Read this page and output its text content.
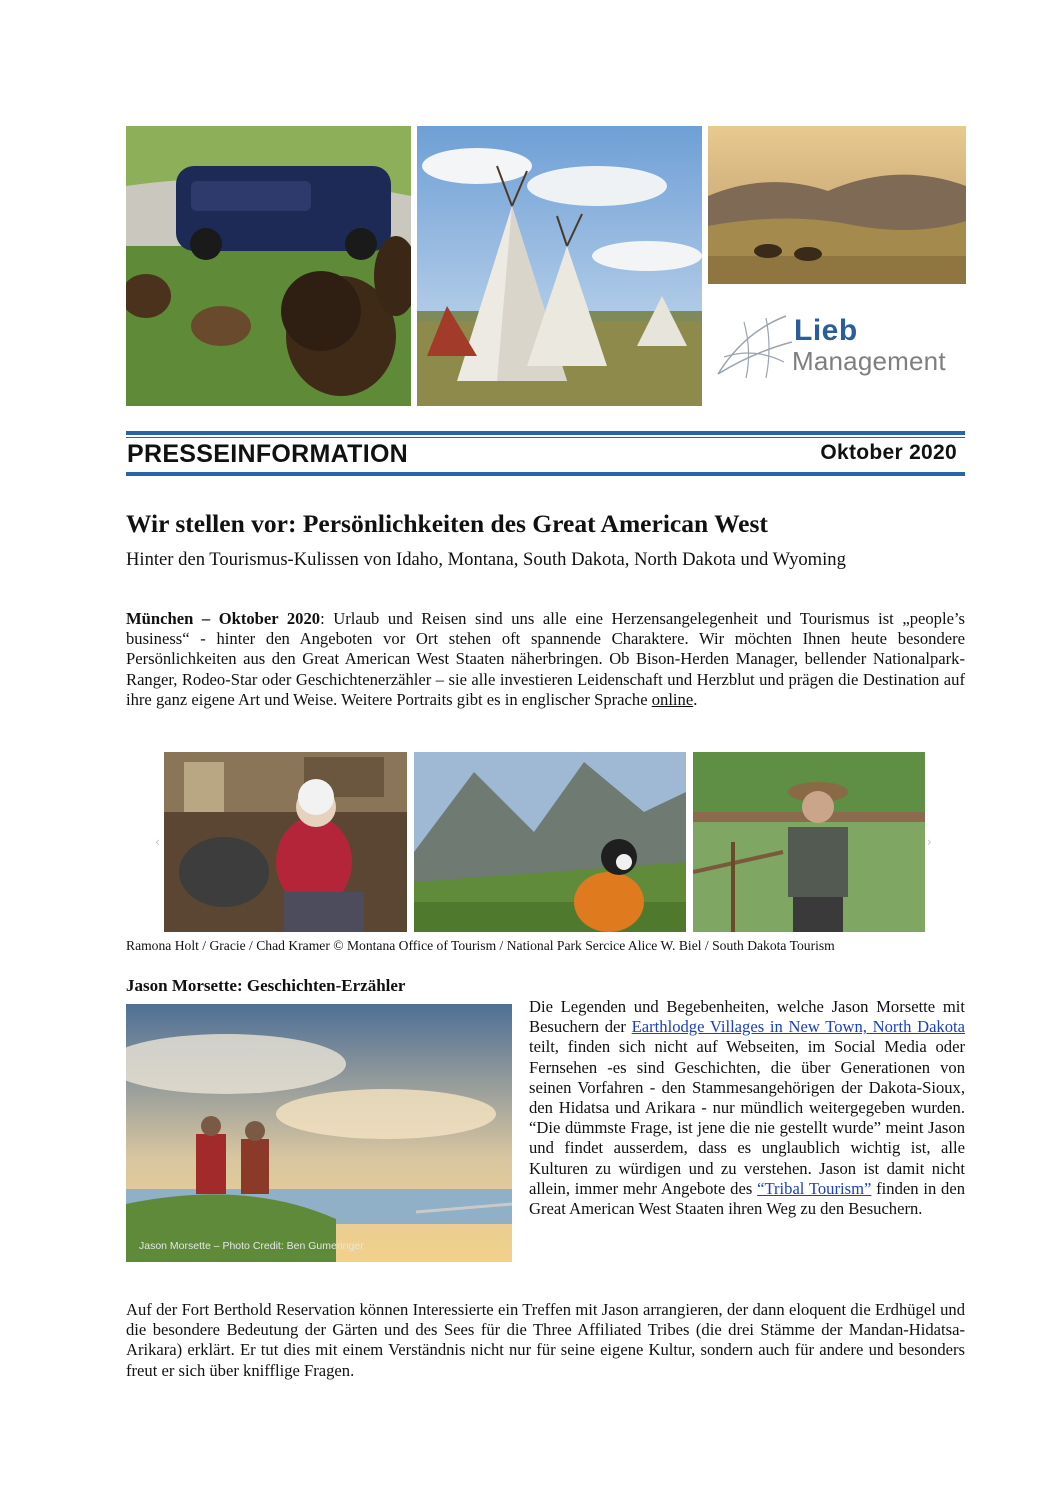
Lieb
Management
PRESSEINFORMATION	Oktober 2020
Wir stellen vor: Persönlichkeiten des Great American West
Hinter den Tourismus-Kulissen von Idaho, Montana, South Dakota, North Dakota und Wyoming
München – Oktober 2020: Urlaub und Reisen sind uns alle eine Herzensangelegenheit und Tourismus ist „people’s business“ - hinter den Angeboten vor Ort stehen oft spannende Charaktere. Wir möchten Ihnen heute besondere Persönlichkeiten aus den Great American West Staaten näherbringen. Ob Bison-Herden Manager, bellender Nationalpark-Ranger, Rodeo-Star oder Geschichtenerzähler – sie alle investieren Leidenschaft und Herzblut und prägen die Destination auf ihre ganz eigene Art und Weise. Weitere Portraits gibt es in englischer Sprache online.
‹	›
Ramona Holt / Gracie / Chad Kramer © Montana Office of Tourism / National Park Sercice Alice W. Biel / South Dakota Tourism
Jason Morsette: Geschichten-Erzähler
Jason Morsette – Photo Credit: Ben Gumeringer
Die Legenden und Begebenheiten, welche Jason Morsette mit Besuchern der Earthlodge Villages in New Town, North Dakota teilt, finden sich nicht auf Webseiten, im Social Media oder Fernsehen -es sind Geschichten, die über Generationen von seinen Vorfahren - den Stammesangehörigen der Dakota-Sioux, den Hidatsa und Arikara - nur mündlich weitergegeben wurden. “Die dümmste Frage, ist jene die nie gestellt wurde” meint Jason und findet ausserdem, dass es unglaublich wichtig ist, alle Kulturen zu würdigen und zu verstehen. Jason ist damit nicht allein, immer mehr Angebote des “Tribal Tourism” finden in den Great American West Staaten ihren Weg zu den Besuchern.
Auf der Fort Berthold Reservation können Interessierte ein Treffen mit Jason arrangieren, der dann eloquent die Erdhügel und die besondere Bedeutung der Gärten und des Sees für die Three Affiliated Tribes (die drei Stämme der Mandan-Hidatsa-Arikara) erklärt. Er tut dies mit einem Verständnis nicht nur für seine eigene Kultur, sondern auch für andere und besonders freut er sich über knifflige Fragen.
